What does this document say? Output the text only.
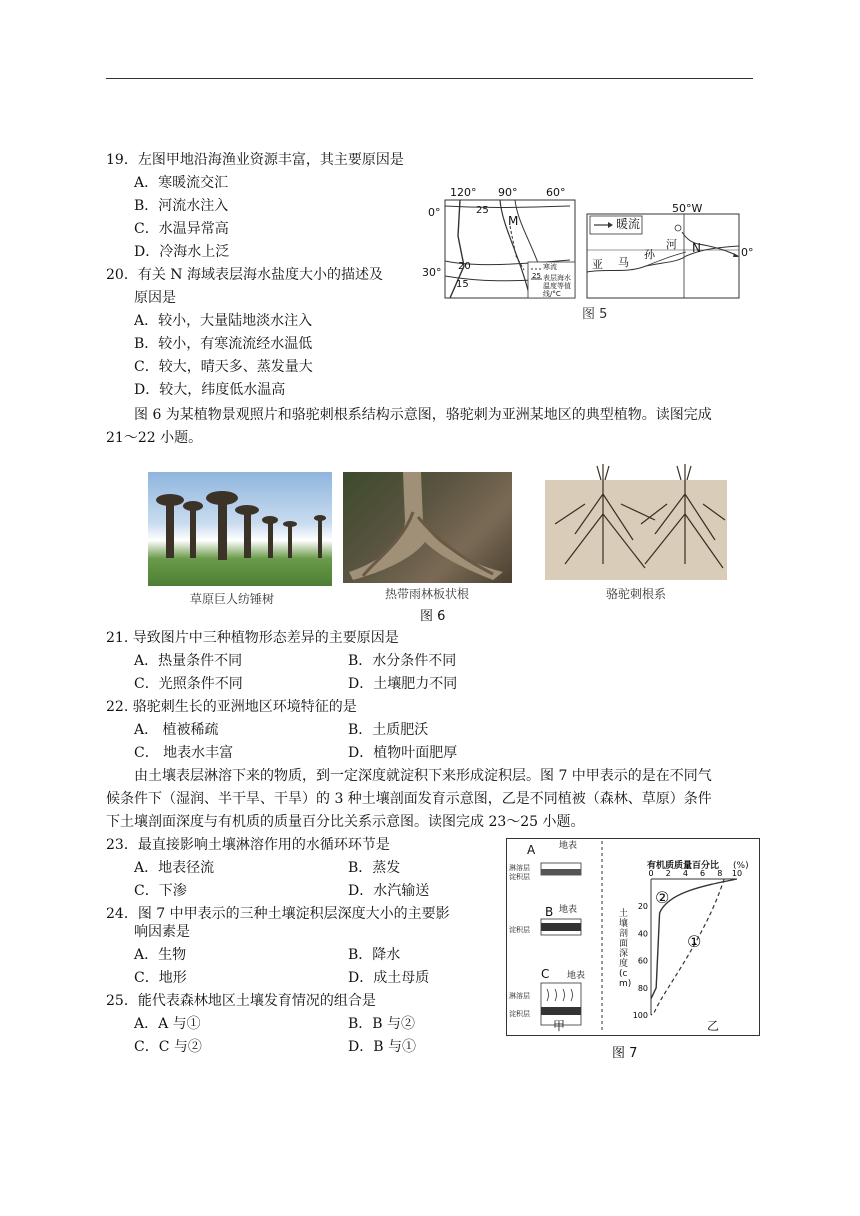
19．左图甲地沿海渔业资源丰富，其主要原因是
A．寒暖流交汇
B．河流水注入
C．水温异常高
D．冷海水上泛
20．有关 N 海域表层海水盐度大小的描述及
原因是
A．较小，大量陆地淡水注入
B．较小，有寒流流经水温低
C．较大，晴天多、蒸发量大
D．较大，纬度低水温高
120° 90°	60°
0°
30°
25
20
15
M
寒流
25 表层海水
温度等值
线/°C
暖流
50°W
0°
N
河
亚 马
孙
图 5
图 6 为某植物景观照片和骆驼刺根系结构示意图，骆驼刺为亚洲某地区的典型植物。读图完成
21～22 小题。
草原巨人纺锤树	热带雨林板状根	骆驼刺根系
图 6
21. 导致图片中三种植物形态差异的主要原因是
A．热量条件不同	B．水分条件不同
C．光照条件不同	D．土壤肥力不同
22. 骆驼刺生长的亚洲地区环境特征的是
A． 植被稀疏	B．土质肥沃
C． 地表水丰富	D．植物叶面肥厚
由土壤表层淋溶下来的物质，到一定深度就淀积下来形成淀积层。图 7 中甲表示的是在不同气
候条件下（湿润、半干旱、干旱）的 3 种土壤剖面发育示意图，乙是不同植被（森林、草原）条件
下土壤剖面深度与有机质的质量百分比关系示意图。读图完成 23～25 小题。
23．最直接影响土壤淋溶作用的水循环环节是
A．地表径流	B．蒸发
C．下渗	D．水汽输送
24．图 7 中甲表示的三种土壤淀积层深度大小的主要影
响因素是
A．生物	B．降水
C．地形	D．成土母质
25．能代表森林地区土壤发育情况的组合是
A．A 与①	B．B 与②
C．C 与②	D．B 与①
0 2 4 6 8 10
20
40
60
80
100
地表
A
淋溶层
淀积层
地表
B
淀积层
地表
C
淋溶层
淀积层
甲	乙
有机质质量百分比 (%)
土壤剖面深度(cm)
①
②
图 7
